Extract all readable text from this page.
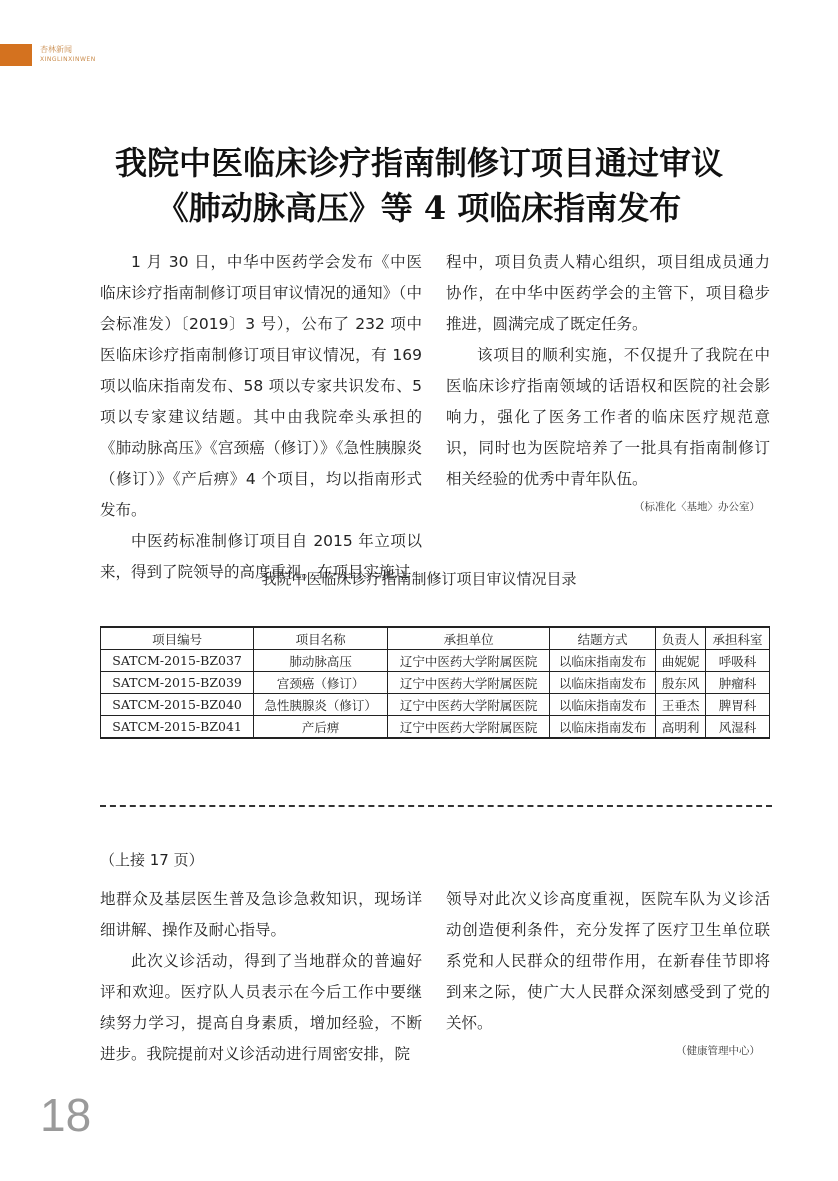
杏林新闻
XINGLINXINWEN
我院中医临床诊疗指南制修订项目通过审议
《肺动脉高压》等 4 项临床指南发布

1 月 30 日，中华中医药学会发布《中医临床诊疗指南制修订项目审议情况的通知》（中会标准发）〔2019〕3 号），公布了 232 项中医临床诊疗指南制修订项目审议情况，有 169 项以临床指南发布、58 项以专家共识发布、5 项以专家建议结题。其中由我院牵头承担的《肺动脉高压》《宫颈癌（修订）》《急性胰腺炎（修订）》《产后痹》4 个项目，均以指南形式发布。

中医药标准制修订项目自 2015 年立项以来，得到了院领导的高度重视。在项目实施过

程中，项目负责人精心组织，项目组成员通力协作，在中华中医药学会的主管下，项目稳步推进，圆满完成了既定任务。

该项目的顺利实施，不仅提升了我院在中医临床诊疗指南领域的话语权和医院的社会影响力，强化了医务工作者的临床医疗规范意识，同时也为医院培养了一批具有指南制修订相关经验的优秀中青年队伍。

（标准化〈基地〉办公室）
我院中医临床诊疗指南制修订项目审议情况目录
项目编号	项目名称	承担单位	结题方式	负责人	承担科室
SATCM-2015-BZ037	肺动脉高压	辽宁中医药大学附属医院	以临床指南发布	曲妮妮	呼吸科
SATCM-2015-BZ039	宫颈癌（修订）	辽宁中医药大学附属医院	以临床指南发布	殷东风	肿瘤科
SATCM-2015-BZ040	急性胰腺炎（修订）	辽宁中医药大学附属医院	以临床指南发布	王垂杰	脾胃科
SATCM-2015-BZ041	产后痹	辽宁中医药大学附属医院	以临床指南发布	高明利	风湿科
（上接 17 页）

地群众及基层医生普及急诊急救知识，现场详细讲解、操作及耐心指导。

此次义诊活动，得到了当地群众的普遍好评和欢迎。医疗队人员表示在今后工作中要继续努力学习，提高自身素质，增加经验，不断进步。我院提前对义诊活动进行周密安排，院

领导对此次义诊高度重视，医院车队为义诊活动创造便利条件，充分发挥了医疗卫生单位联系党和人民群众的纽带作用，在新春佳节即将到来之际，使广大人民群众深刻感受到了党的关怀。

（健康管理中心）
18
